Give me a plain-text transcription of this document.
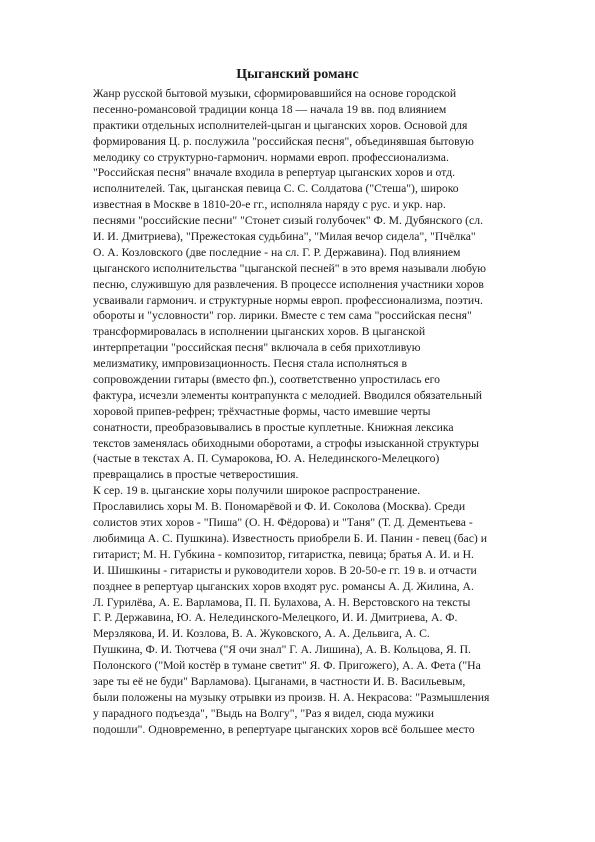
Цыганский романс
Жанр русской бытовой музыки, сформировавшийся на основе городской
песенно-романсовой традиции конца 18 — начала 19 вв. под влиянием
практики отдельных исполнителей-цыган и цыганских хоров. Основой для
формирования Ц. р. послужила "российская песня", объединявшая бытовую
мелодику со структурно-гармонич. нормами европ. профессионализма.
"Российская песня" вначале входила в репертуар цыганских хоров и отд.
исполнителей. Так, цыганская певица С. С. Солдатова ("Стеша"), широко
известная в Москве в 1810-20-е гг., исполняла наряду с рус. и укр. нар.
песнями "российские песни" "Стонет сизый голубочек" Ф. М. Дубянского (сл.
И. И. Дмитриева), "Прежестокая судьбина", "Милая вечор сидела", "Пчёлка"
О. А. Козловского (две последние - на сл. Г. Р. Державина). Под влиянием
цыганского исполнительства "цыганской песней" в это время называли любую
песню, служившую для развлечения. В процессе исполнения участники хоров
усваивали гармонич. и структурные нормы европ. профессионализма, поэтич.
обороты и "условности" гор. лирики. Вместе с тем сама "российская песня"
трансформировалась в исполнении цыганских хоров. В цыганской
интерпретации "российская песня" включала в себя прихотливую
мелизматику, импровизационность. Песня стала исполняться в
сопровождении гитары (вместо фп.), соответственно упростилась его
фактура, исчезли элементы контрапункта с мелодией. Вводился обязательный
хоровой припев-рефрен; трёхчастные формы, часто имевшие черты
сонатности, преобразовывались в простые куплетные. Книжная лексика
текстов заменялась обиходными оборотами, а строфы изысканной структуры
(частые в текстах А. П. Сумарокова, Ю. А. Нелединского-Мелецкого)
превращались в простые четверостишия.
К сер. 19 в. цыганские хоры получили широкое распространение.
Прославились хоры М. В. Пономарёвой и Ф. И. Соколова (Москва). Среди
солистов этих хоров - "Пиша" (О. Н. Фёдорова) и "Таня" (Т. Д. Дементьева -
любимица А. С. Пушкина). Известность приобрели Б. И. Панин - певец (бас) и
гитарист; М. Н. Губкина - композитор, гитаристка, певица; братья А. И. и Н.
И. Шишкины - гитаристы и руководители хоров. В 20-50-е гг. 19 в. и отчасти
позднее в репертуар цыганских хоров входят рус. романсы А. Д. Жилина, А.
Л. Гурилёва, А. Е. Варламова, П. П. Булахова, А. Н. Верстовского на тексты
Г. Р. Державина, Ю. А. Нелединского-Мелецкого, И. И. Дмитриева, А. Ф.
Мерзлякова, И. И. Козлова, В. А. Жуковского, А. А. Дельвига, А. С.
Пушкина, Ф. И. Тютчева ("Я очи знал" Г. А. Лишина), А. В. Кольцова, Я. П.
Полонского ("Мой костёр в тумане светит" Я. Ф. Пригожего), А. А. Фета ("На
заре ты её не буди" Варламова). Цыганами, в частности И. В. Васильевым,
были положены на музыку отрывки из произв. Н. А. Некрасова: "Размышления
у парадного подъезда", "Выдь на Волгу", "Раз я видел, сюда мужики
подошли". Одновременно, в репертуаре цыганских хоров всё большее место
